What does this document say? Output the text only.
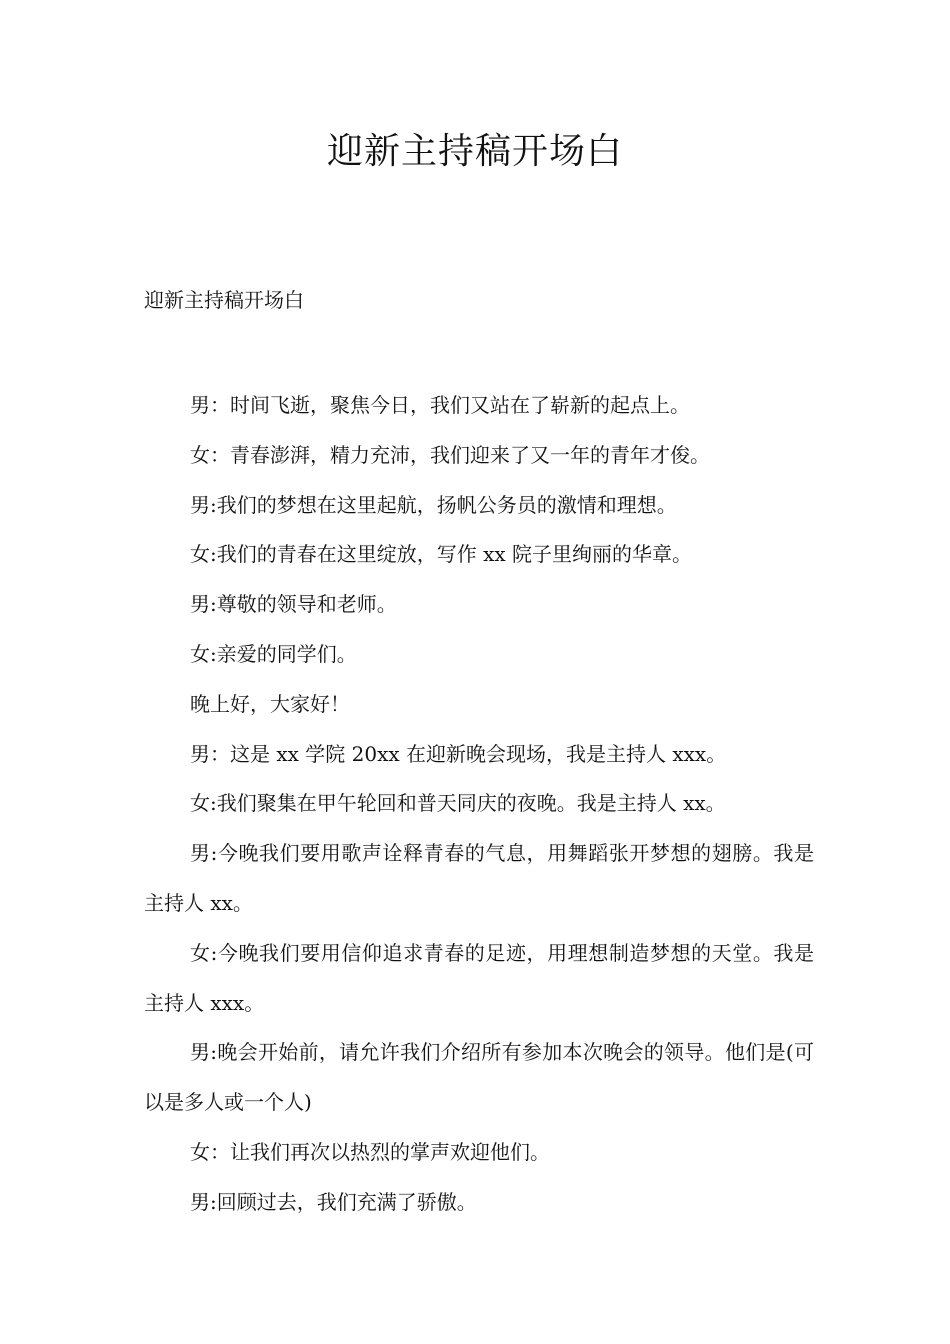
迎新主持稿开场白

迎新主持稿开场白

男：时间飞逝，聚焦今日，我们又站在了崭新的起点上。

女：青春澎湃，精力充沛，我们迎来了又一年的青年才俊。

男:我们的梦想在这里起航，扬帆公务员的激情和理想。

女:我们的青春在这里绽放，写作 xx 院子里绚丽的华章。

男:尊敬的领导和老师。

女:亲爱的同学们。

晚上好，大家好！

男：这是 xx 学院 20xx 在迎新晚会现场，我是主持人 xxx。

女:我们聚集在甲午轮回和普天同庆的夜晚。我是主持人 xx。

男:今晚我们要用歌声诠释青春的气息，用舞蹈张开梦想的翅膀。我是主持人 xx。

女:今晚我们要用信仰追求青春的足迹，用理想制造梦想的天堂。我是主持人 xxx。

男:晚会开始前，请允许我们介绍所有参加本次晚会的领导。他们是(可以是多人或一个人)

女：让我们再次以热烈的掌声欢迎他们。

男:回顾过去，我们充满了骄傲。
